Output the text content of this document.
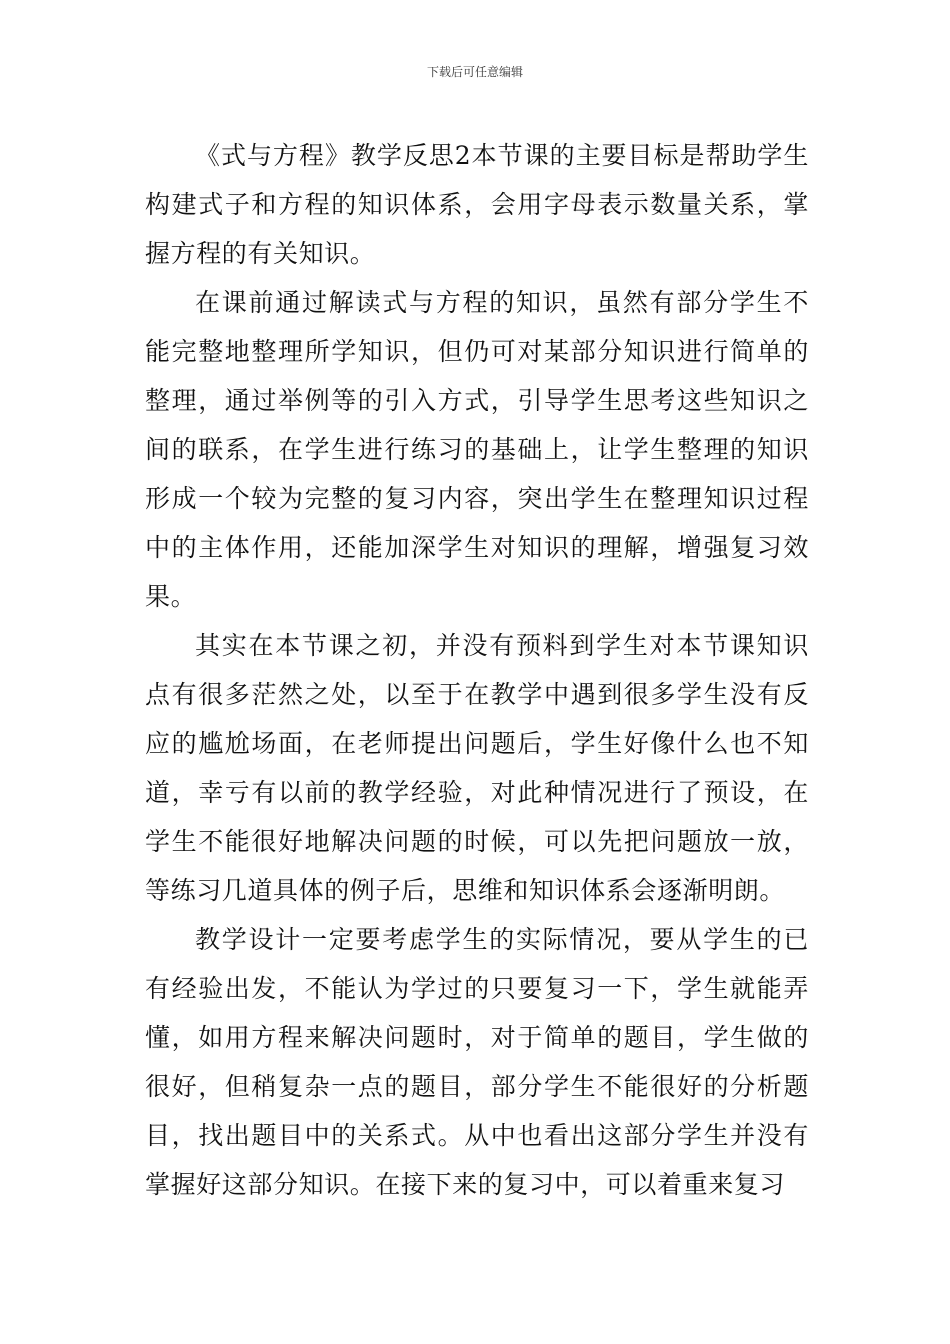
下载后可任意编辑

《式与方程》教学反思2本节课的主要目标是帮助学生构建式子和方程的知识体系，会用字母表示数量关系，掌握方程的有关知识。

在课前通过解读式与方程的知识，虽然有部分学生不能完整地整理所学知识，但仍可对某部分知识进行简单的整理，通过举例等的引入方式，引导学生思考这些知识之间的联系，在学生进行练习的基础上，让学生整理的知识形成一个较为完整的复习内容，突出学生在整理知识过程中的主体作用，还能加深学生对知识的理解，增强复习效果。

其实在本节课之初，并没有预料到学生对本节课知识点有很多茫然之处，以至于在教学中遇到很多学生没有反应的尴尬场面，在老师提出问题后，学生好像什么也不知道，幸亏有以前的教学经验，对此种情况进行了预设，在学生不能很好地解决问题的时候，可以先把问题放一放，等练习几道具体的例子后，思维和知识体系会逐渐明朗。

教学设计一定要考虑学生的实际情况，要从学生的已有经验出发，不能认为学过的只要复习一下，学生就能弄懂，如用方程来解决问题时，对于简单的题目，学生做的很好，但稍复杂一点的题目，部分学生不能很好的分析题目，找出题目中的关系式。从中也看出这部分学生并没有掌握好这部分知识。在接下来的复习中，可以着重来复习
